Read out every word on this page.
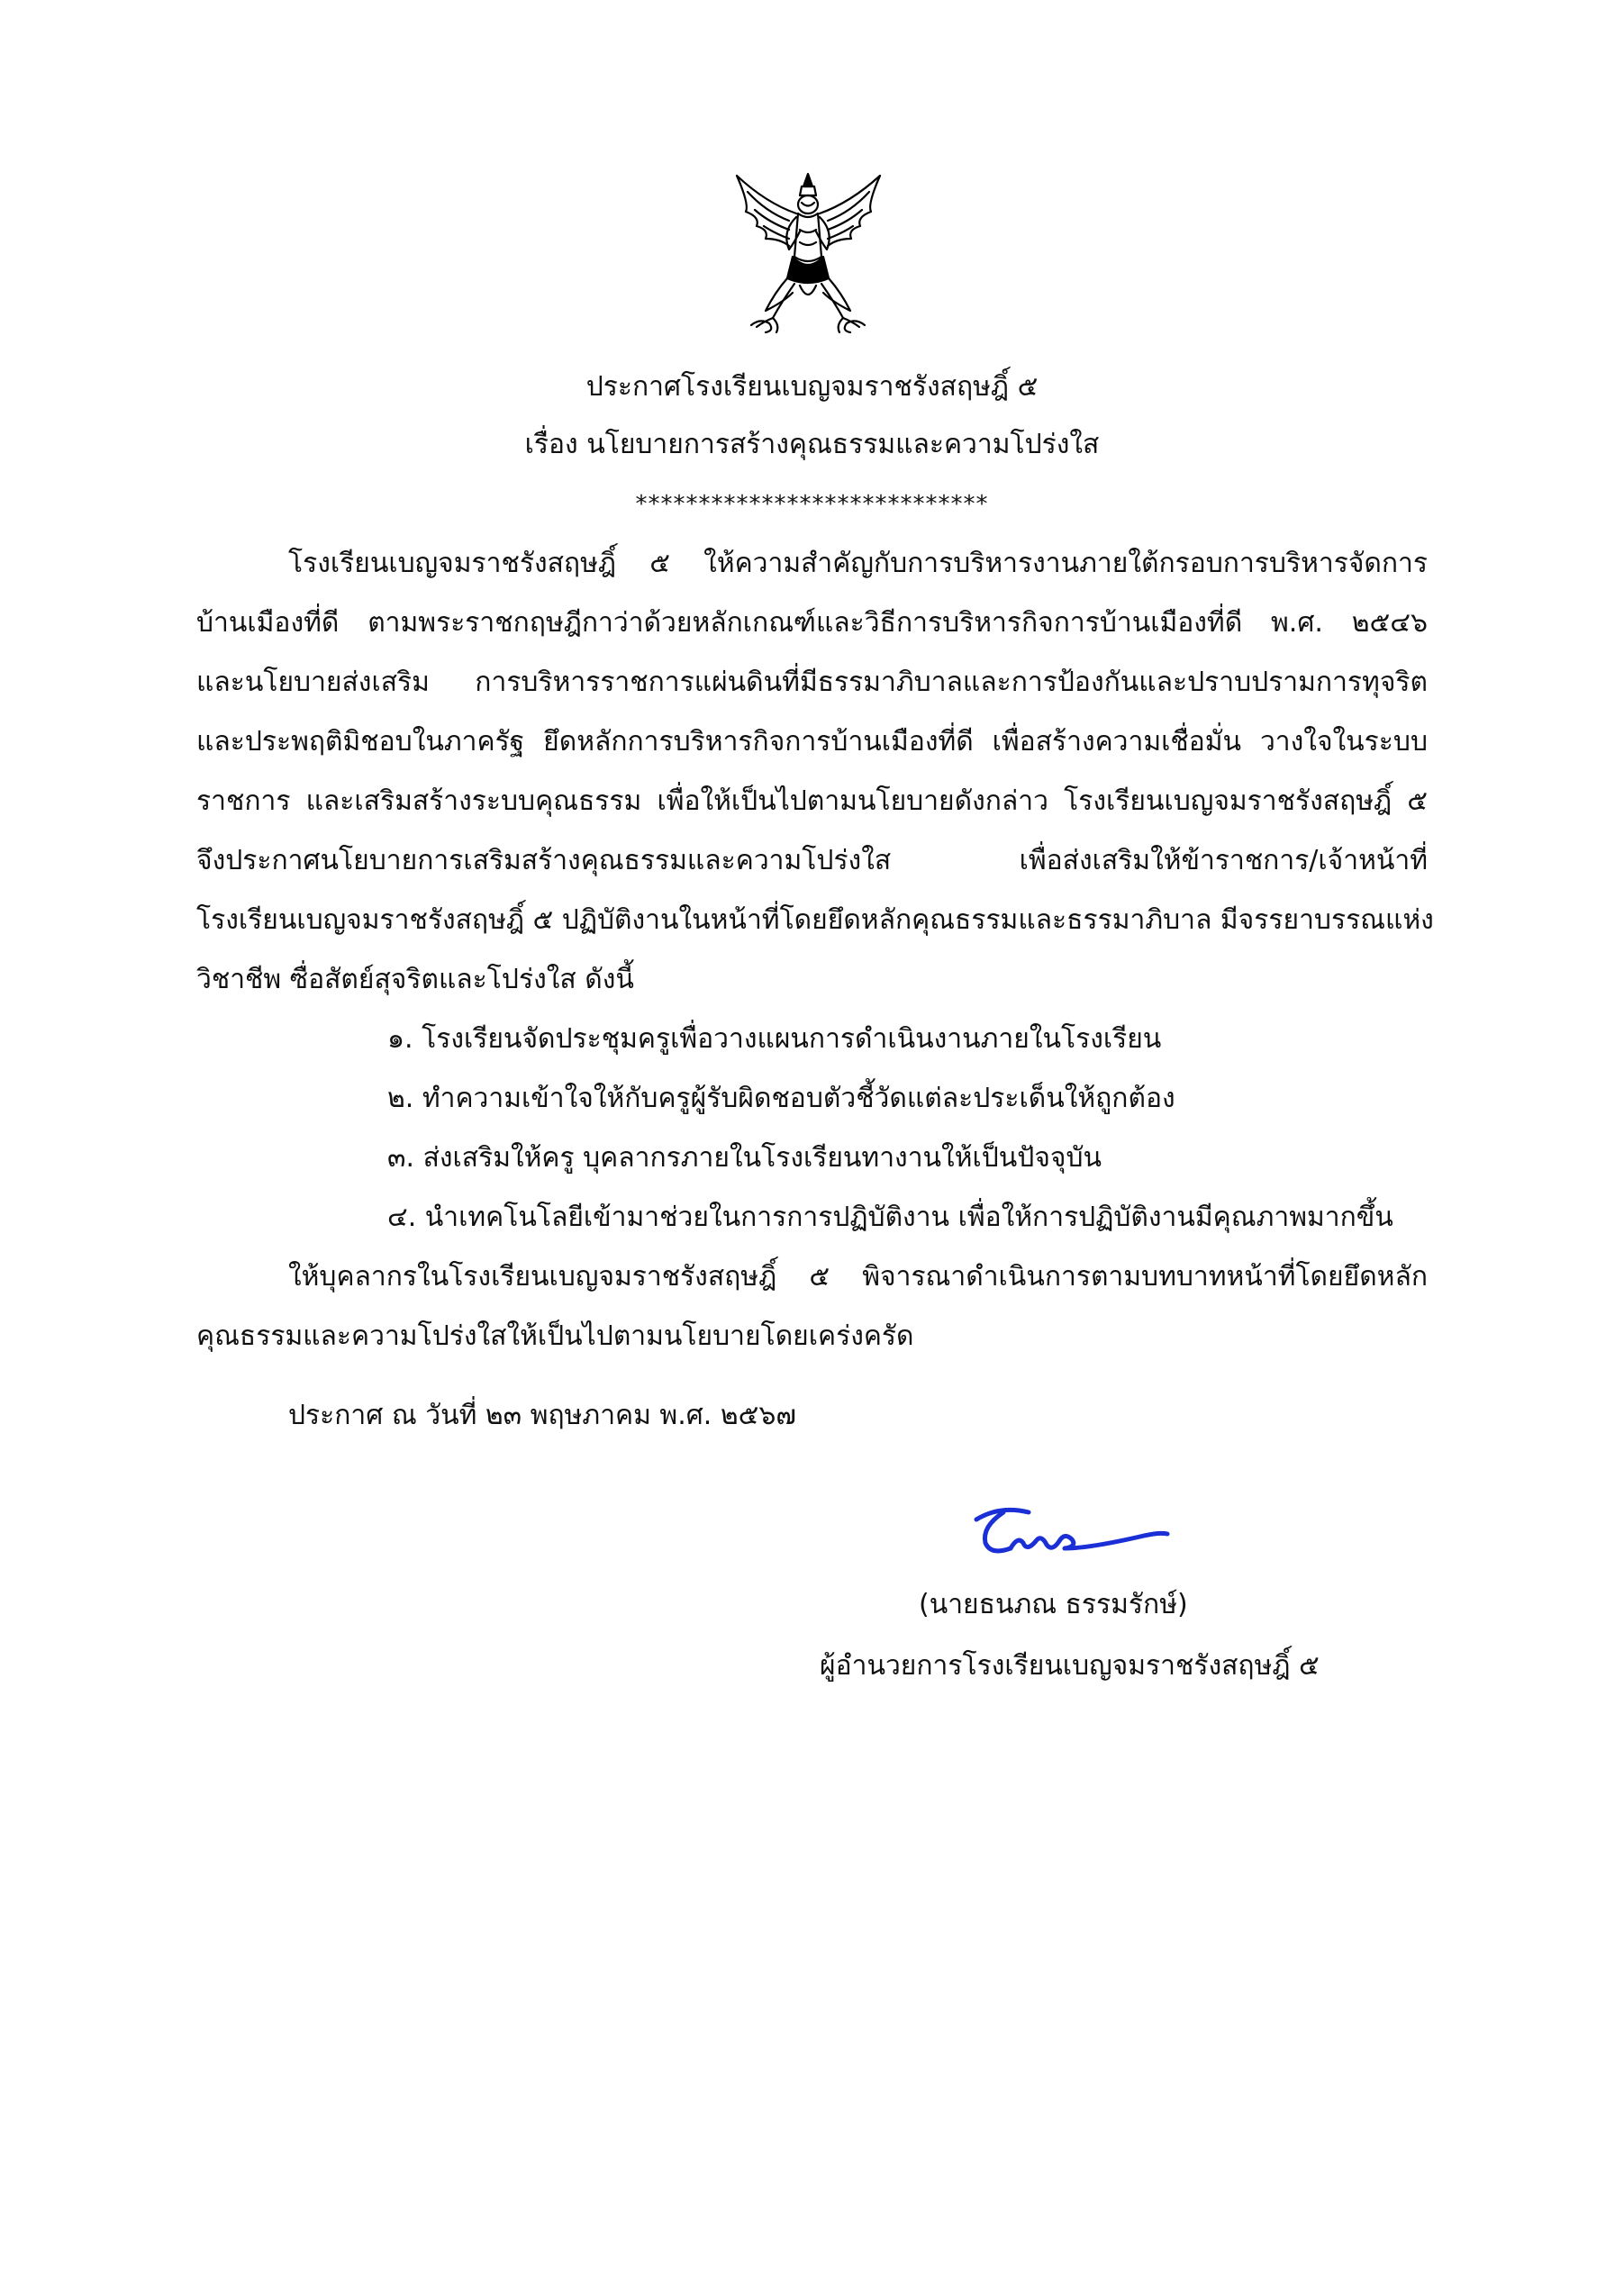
ประกาศโรงเรียนเบญจมราชรังสฤษฎิ์ ๕
เรื่อง นโยบายการสร้างคุณธรรมและความโปร่งใส
****************************
โรงเรียนเบญจมราชรังสฤษฎิ์ ๕ ให้ความสำคัญกับการบริหารงานภายใต้กรอบการบริหารจัดการ
บ้านเมืองที่ดี ตามพระราชกฤษฎีกาว่าด้วยหลักเกณฑ์และวิธีการบริหารกิจการบ้านเมืองที่ดี พ.ศ. ๒๕๔๖
และนโยบายส่งเสริม การบริหารราชการแผ่นดินที่มีธรรมาภิบาลและการป้องกันและปราบปรามการทุจริต
และประพฤติมิชอบในภาครัฐ ยึดหลักการบริหารกิจการบ้านเมืองที่ดี เพื่อสร้างความเชื่อมั่น วางใจในระบบ
ราชการ และเสริมสร้างระบบคุณธรรม เพื่อให้เป็นไปตามนโยบายดังกล่าว โรงเรียนเบญจมราชรังสฤษฎิ์ ๕
จึงประกาศนโยบายการเสริมสร้างคุณธรรมและความโปร่งใส เพื่อส่งเสริมให้ข้าราชการ/เจ้าหน้าที่
โรงเรียนเบญจมราชรังสฤษฎิ์ ๕ ปฏิบัติงานในหน้าที่โดยยึดหลักคุณธรรมและธรรมาภิบาล มีจรรยาบรรณแห่ง
วิชาชีพ ซื่อสัตย์สุจริตและโปร่งใส ดังนี้
๑. โรงเรียนจัดประชุมครูเพื่อวางแผนการดำเนินงานภายในโรงเรียน
๒. ทำความเข้าใจให้กับครูผู้รับผิดชอบตัวชี้วัดแต่ละประเด็นให้ถูกต้อง
๓. ส่งเสริมให้ครู บุคลากรภายในโรงเรียนทางานให้เป็นปัจจุบัน
๔. นำเทคโนโลยีเข้ามาช่วยในการการปฏิบัติงาน เพื่อให้การปฏิบัติงานมีคุณภาพมากขึ้น
ให้บุคลากรในโรงเรียนเบญจมราชรังสฤษฎิ์ ๕ พิจารณาดำเนินการตามบทบาทหน้าที่โดยยึดหลัก
คุณธรรมและความโปร่งใสให้เป็นไปตามนโยบายโดยเคร่งครัด
ประกาศ ณ วันที่ ๒๓ พฤษภาคม พ.ศ. ๒๕๖๗
(นายธนภณ ธรรมรักษ์)
ผู้อำนวยการโรงเรียนเบญจมราชรังสฤษฎิ์ ๕
